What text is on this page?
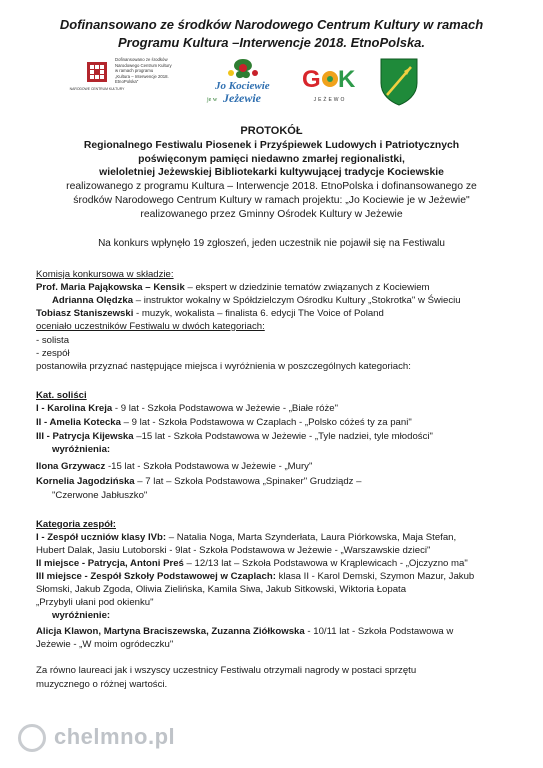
Dofinansowano ze środków Narodowego Centrum Kultury w ramach
Programu Kultura –Interwencje 2018. EtnoPolska.
NARODOWE CENTRUM KULTURY
Dofinansowano ze środków
Narodowego Centrum Kultury
w ramach programu
„Kultura – Interwencje 2018.
EtnoPolska"	Jo Kociewie
je w Jeżewie
G K
JEŻEWO
PROTOKÓŁ
Regionalnego Festiwalu Piosenek i Przyśpiewek Ludowych i Patriotycznych
poświęconym pamięci niedawno zmarłej regionalistki,
wieloletniej Jeżewskiej Bibliotekarki kultywującej tradycje Kociewskie
realizowanego z programu Kultura – Interwencje 2018. EtnoPolska i dofinansowanego ze
środków Narodowego Centrum Kultury w ramach projektu: „Jo Kociewie je w Jeżewie"
realizowanego przez Gminny Ośrodek Kultury w Jeżewie
Na konkurs wpłynęło 19 zgłoszeń, jeden uczestnik nie pojawił się na Festiwalu
Komisja konkursowa w składzie:
Prof. Maria Pająkowska – Kensik – ekspert w dziedzinie tematów związanych z Kociewiem
Adrianna Olędzka – instruktor wokalny w Spółdzielczym Ośrodku Kultury „Stokrotka" w Świeciu
Tobiasz Staniszewski - muzyk, wokalista – finalista 6. edycji The Voice of Poland
oceniało uczestników Festiwalu w dwóch kategoriach:
- solista
- zespół
postanowiła przyznać następujące miejsca i wyróżnienia w poszczególnych kategoriach:
Kat. soliści
I - Karolina Kreja - 9 lat - Szkoła Podstawowa w Jeżewie - „Białe róże"
II - Amelia Kotecka – 9 lat - Szkoła Podstawowa w Czaplach - „Polsko cóżeś ty za pani"
III - Patrycja Kijewska –15 lat - Szkoła Podstawowa w Jeżewie - „Tyle nadziei, tyle młodości"
wyróżnienia:
Ilona Grzywacz -15 lat - Szkoła Podstawowa w Jeżewie - „Mury"
Kornelia Jagodzińska – 7 lat – Szkoła Podstawowa „Spinaker" Grudziądz –
"Czerwone Jabłuszko"
Kategoria zespół:
I - Zespół uczniów klasy IVb: – Natalia Noga, Marta Szynderłata, Laura Piórkowska, Maja Stefan,
Hubert Dalak, Jasiu Lutoborski - 9lat - Szkoła Podstawowa w Jeżewie - „Warszawskie dzieci"
II miejsce - Patrycja, Antoni Preś – 12/13 lat – Szkoła Podstawowa w Krąplewicach - „Ojczyzno ma"
III miejsce - Zespół Szkoły Podstawowej w Czaplach: klasa II - Karol Demski, Szymon Mazur, Jakub
Słomski, Jakub Zgoda, Oliwia Zielińska, Kamila Siwa, Jakub Sitkowski, Wiktoria Łopata
„Przybyli ułani pod okienku"
wyróżnienie:
Alicja Klawon, Martyna Braciszewska, Zuzanna Ziółkowska - 10/11 lat - Szkoła Podstawowa w
Jeżewie - „W moim ogródeczku"
Za równo laureaci jak i wszyscy uczestnicy Festiwalu otrzymali nagrody w postaci sprzętu
muzycznego o różnej wartości.
chelmno.pl
